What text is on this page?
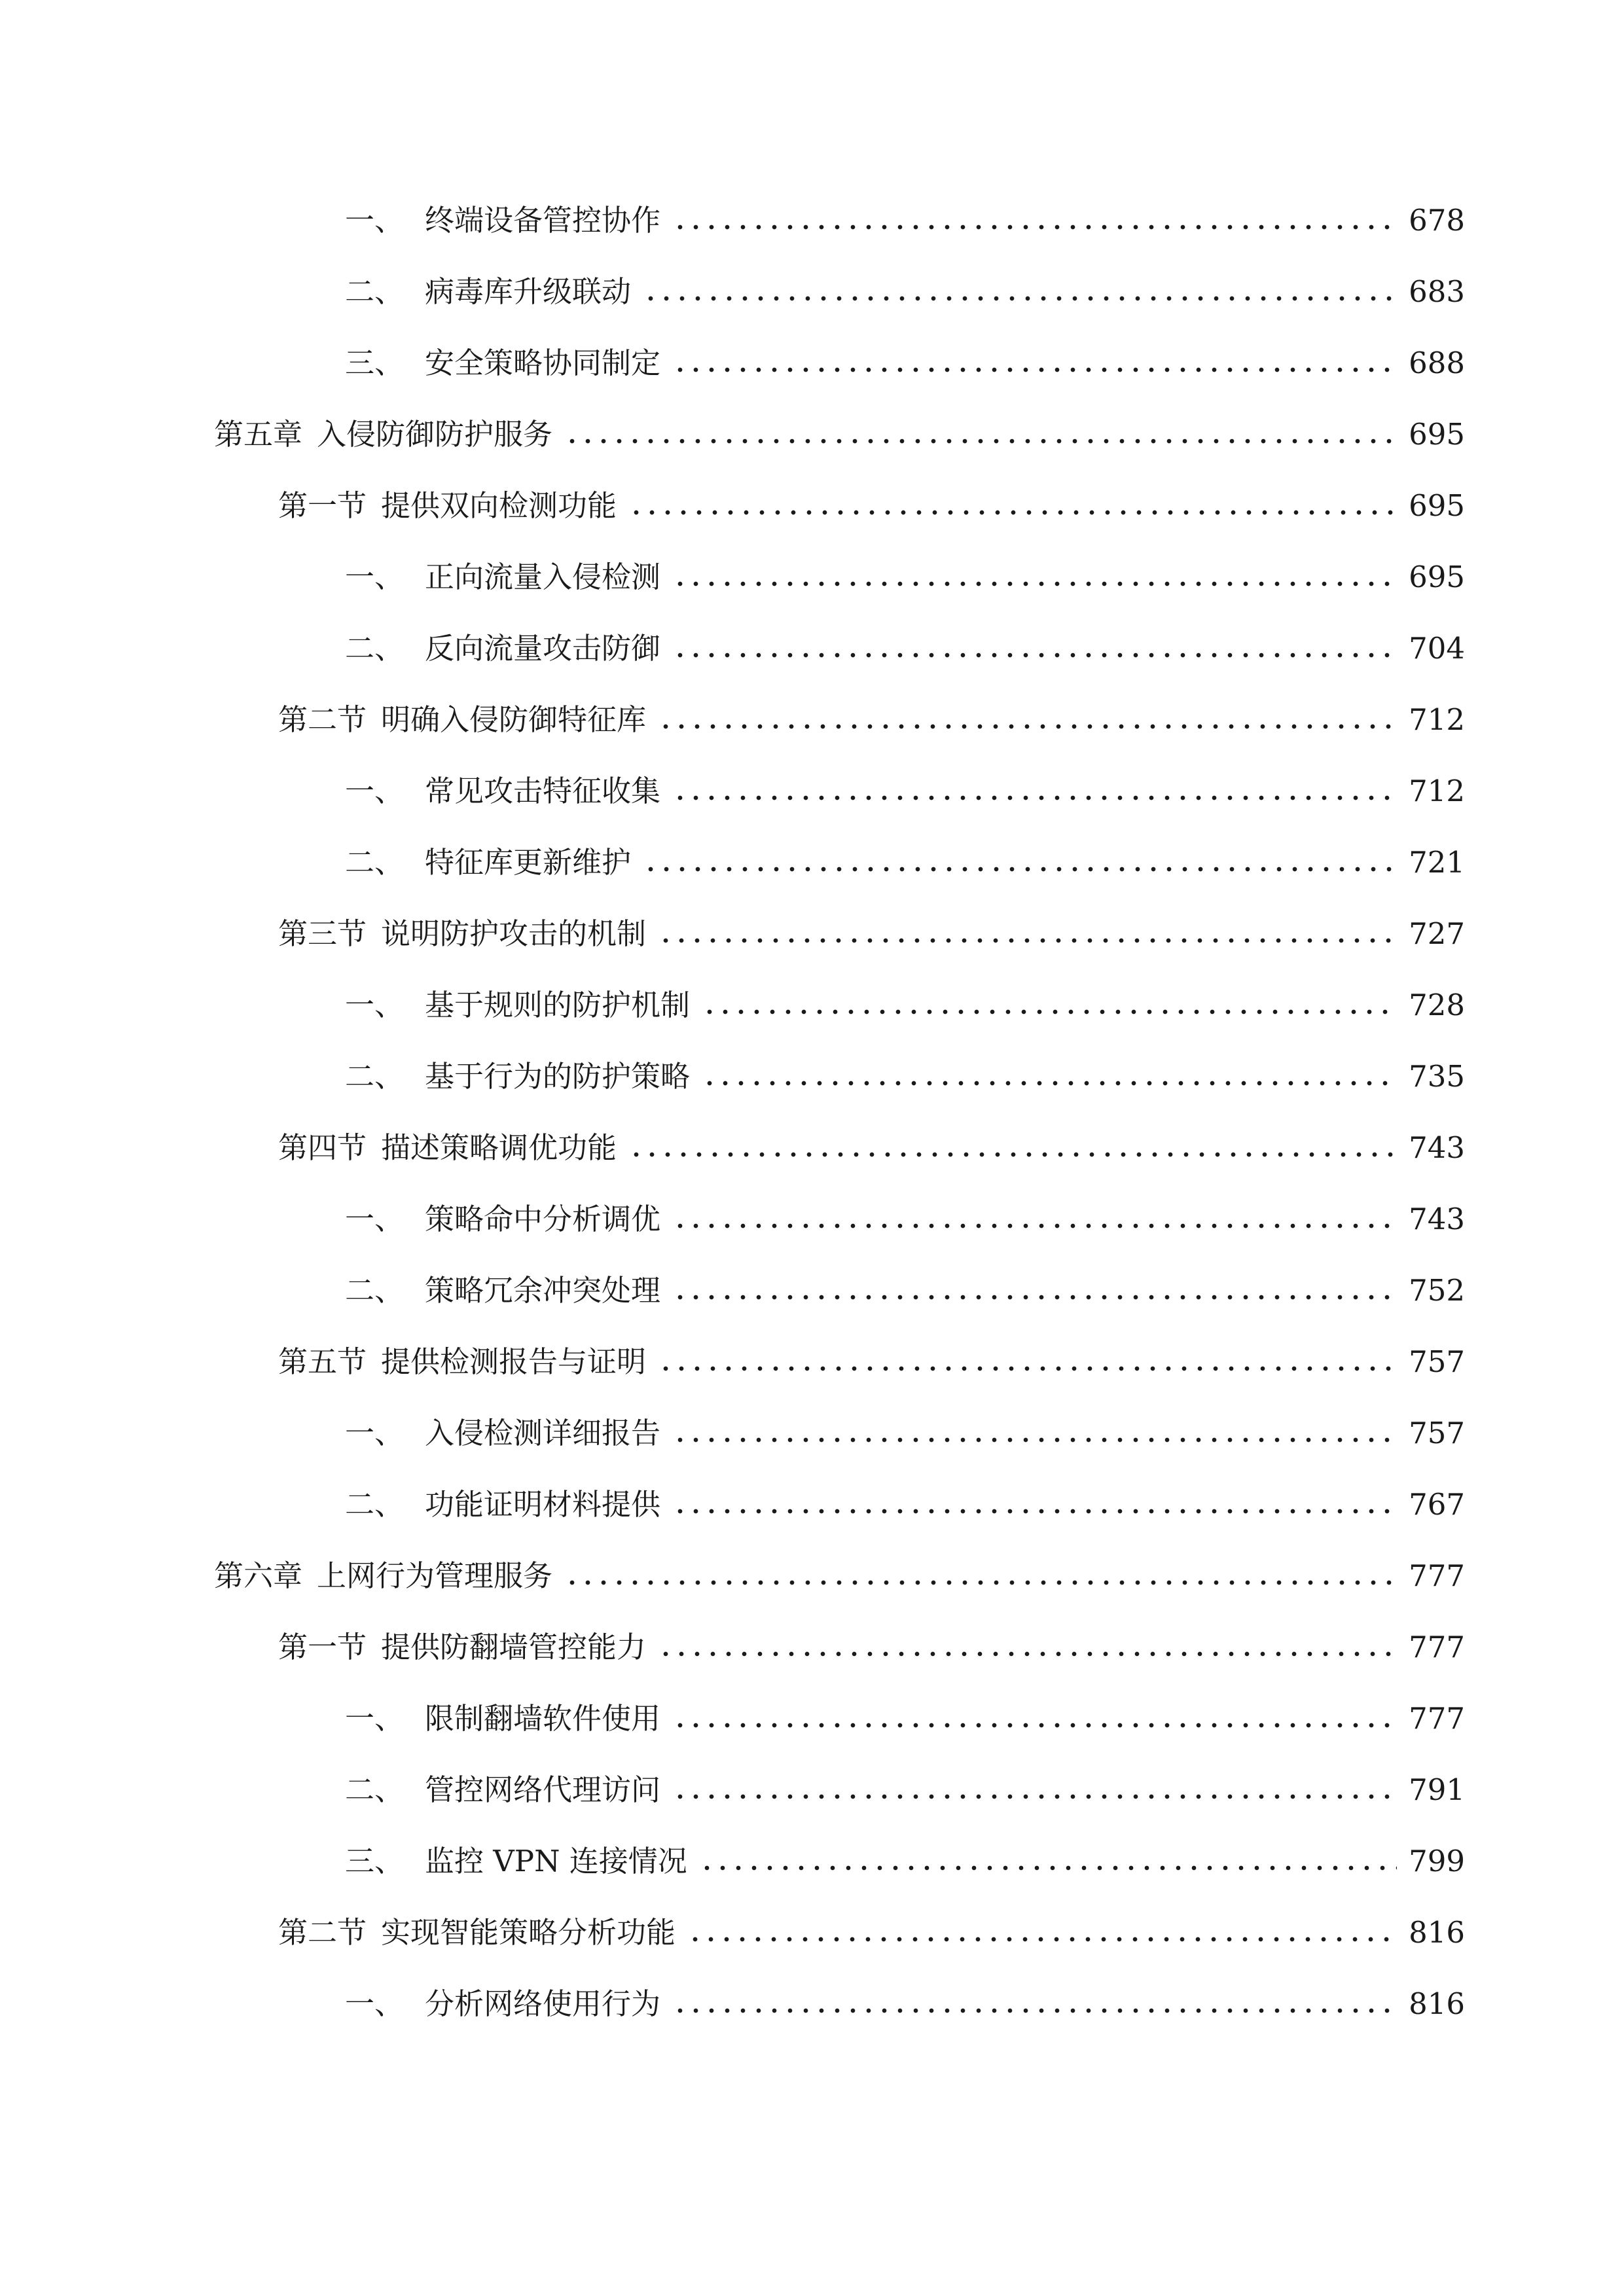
一、 终端设备管控协作	678
二、 病毒库升级联动	683
三、 安全策略协同制定	688
第五章 入侵防御防护服务	695
第一节 提供双向检测功能	695
一、 正向流量入侵检测	695
二、 反向流量攻击防御	704
第二节 明确入侵防御特征库	712
一、 常见攻击特征收集	712
二、 特征库更新维护	721
第三节 说明防护攻击的机制	727
一、 基于规则的防护机制	728
二、 基于行为的防护策略	735
第四节 描述策略调优功能	743
一、 策略命中分析调优	743
二、 策略冗余冲突处理	752
第五节 提供检测报告与证明	757
一、 入侵检测详细报告	757
二、 功能证明材料提供	767
第六章 上网行为管理服务	777
第一节 提供防翻墙管控能力	777
一、 限制翻墙软件使用	777
二、 管控网络代理访问	791
三、 监控 VPN 连接情况	799
第二节 实现智能策略分析功能	816
一、 分析网络使用行为	816
